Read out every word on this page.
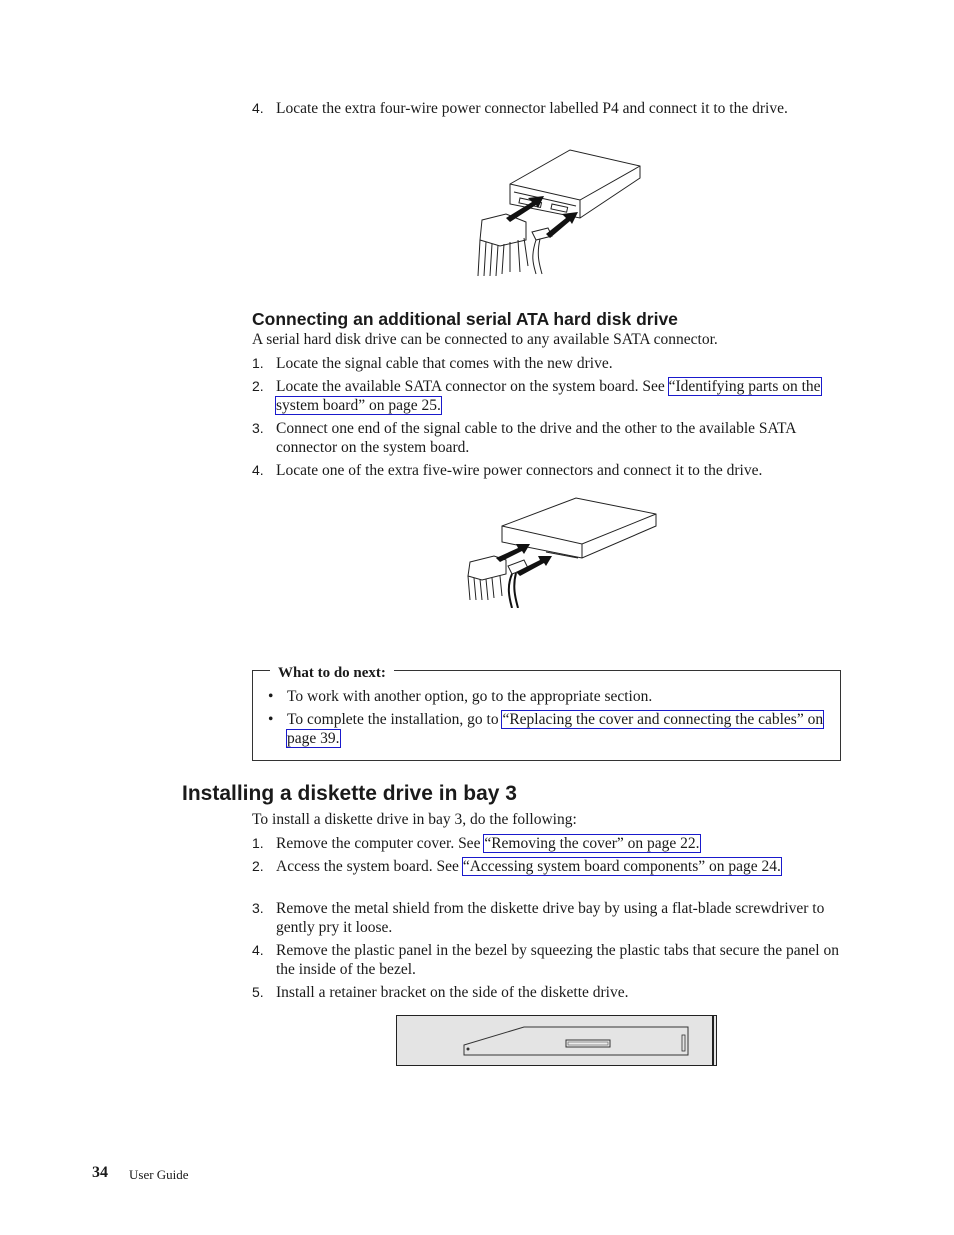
4. Locate the extra four-wire power connector labelled P4 and connect it to the drive.
Connecting an additional serial ATA hard disk drive
A serial hard disk drive can be connected to any available SATA connector.
1. Locate the signal cable that comes with the new drive.
2. Locate the available SATA connector on the system board. See “Identifying parts on the system board” on page 25.
3. Connect one end of the signal cable to the drive and the other to the available SATA connector on the system board.
4. Locate one of the extra five-wire power connectors and connect it to the drive.
What to do next:
• To work with another option, go to the appropriate section.
• To complete the installation, go to “Replacing the cover and connecting the cables” on page 39.
Installing a diskette drive in bay 3
To install a diskette drive in bay 3, do the following:
1. Remove the computer cover. See “Removing the cover” on page 22.
2. Access the system board. See “Accessing system board components” on page 24.
3. Remove the metal shield from the diskette drive bay by using a flat-blade screwdriver to gently pry it loose.
4. Remove the plastic panel in the bezel by squeezing the plastic tabs that secure the panel on the inside of the bezel.
5. Install a retainer bracket on the side of the diskette drive.
34 User Guide
